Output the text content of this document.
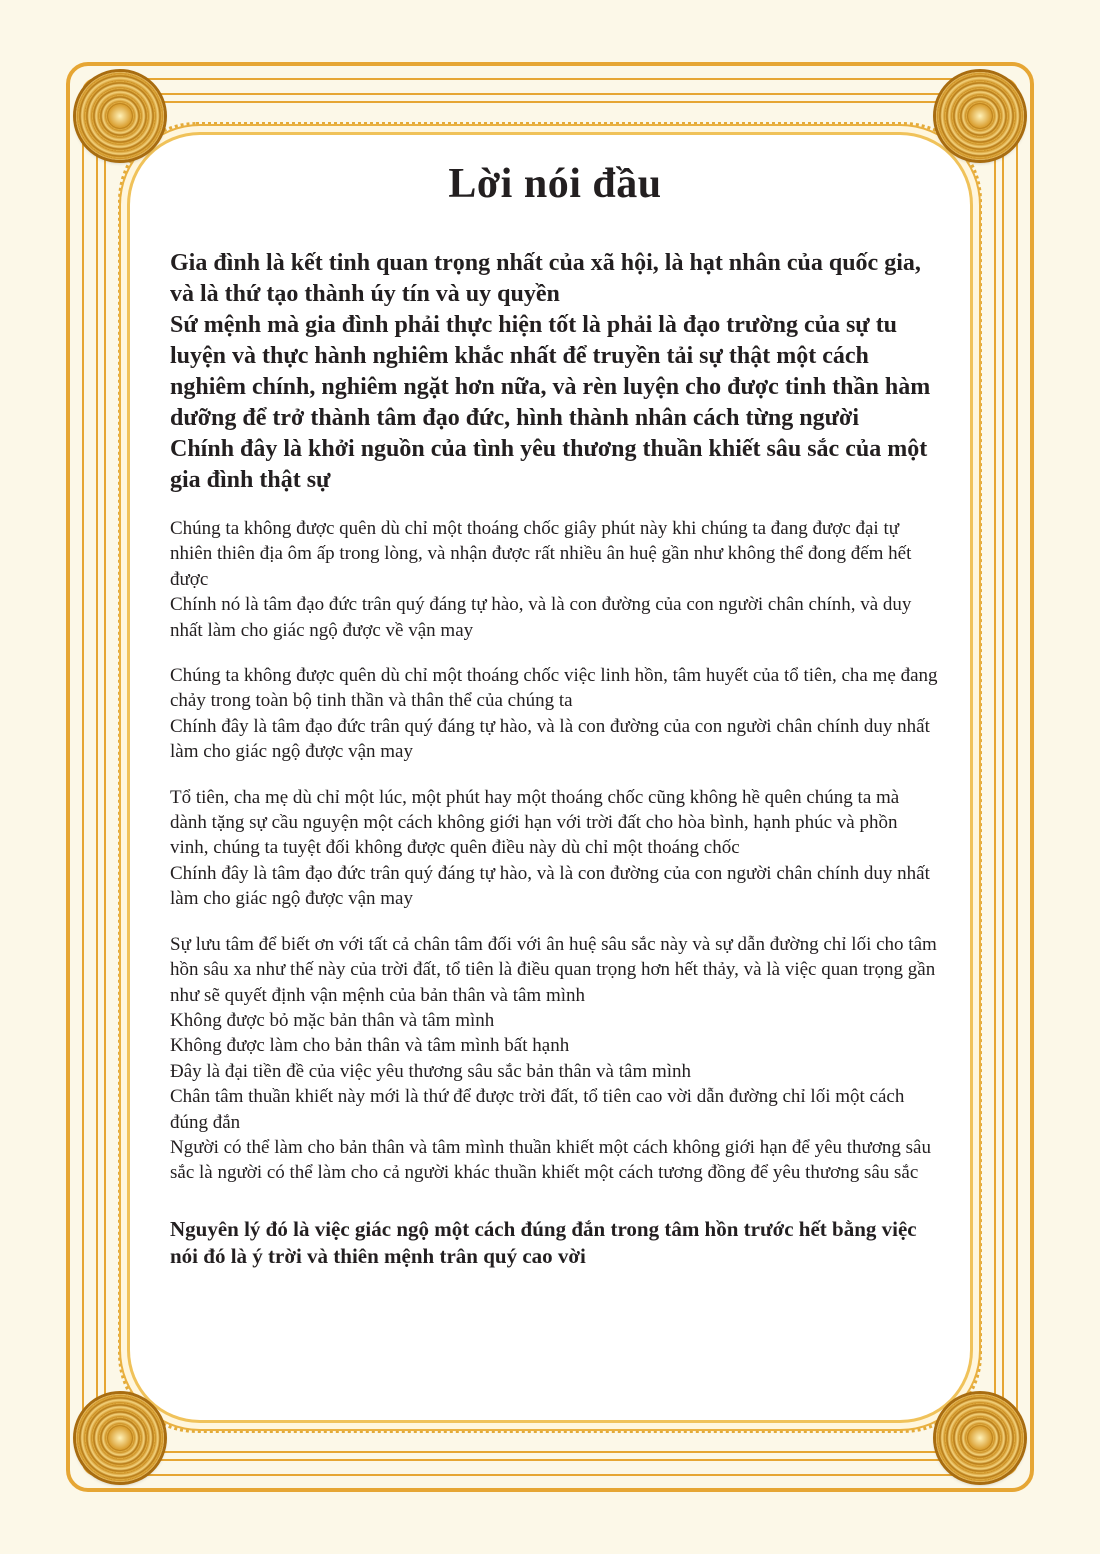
Lời nói đầu

Gia đình là kết tinh quan trọng nhất của xã hội, là hạt nhân của quốc gia, và là thứ tạo thành úy tín và uy quyền

Sứ mệnh mà gia đình phải thực hiện tốt là phải là đạo trường của sự tu luyện và thực hành nghiêm khắc nhất để truyền tải sự thật một cách nghiêm chính, nghiêm ngặt hơn nữa, và rèn luyện cho được tinh thần hàm dưỡng để trở thành tâm đạo đức, hình thành nhân cách từng người

Chính đây là khởi nguồn của tình yêu thương thuần khiết sâu sắc của một gia đình thật sự

Chúng ta không được quên dù chỉ một thoáng chốc giây phút này khi chúng ta đang được đại tự nhiên thiên địa ôm ấp trong lòng, và nhận được rất nhiều ân huệ gần như không thể đong đếm hết được

Chính nó là tâm đạo đức trân quý đáng tự hào, và là con đường của con người chân chính, và duy nhất làm cho giác ngộ được về vận may

Chúng ta không được quên dù chỉ một thoáng chốc việc linh hồn, tâm huyết của tổ tiên, cha mẹ đang chảy trong toàn bộ tinh thần và thân thể của chúng ta

Chính đây là tâm đạo đức trân quý đáng tự hào, và là con đường của con người chân chính duy nhất làm cho giác ngộ được vận may

Tổ tiên, cha mẹ dù chỉ một lúc, một phút hay một thoáng chốc cũng không hề quên chúng ta mà dành tặng sự cầu nguyện một cách không giới hạn với trời đất cho hòa bình, hạnh phúc và phồn vinh, chúng ta tuyệt đối không được quên điều này dù chỉ một thoáng chốc

Chính đây là tâm đạo đức trân quý đáng tự hào, và là con đường của con người chân chính duy nhất làm cho giác ngộ được vận may

Sự lưu tâm để biết ơn với tất cả chân tâm đối với ân huệ sâu sắc này và sự dẫn đường chỉ lối cho tâm hồn sâu xa như thế này của trời đất, tổ tiên là điều quan trọng hơn hết thảy, và là việc quan trọng gần như sẽ quyết định vận mệnh của bản thân và tâm mình

Không được bỏ mặc bản thân và tâm mình

Không được làm cho bản thân và tâm mình bất hạnh

Đây là đại tiền đề của việc yêu thương sâu sắc bản thân và tâm mình

Chân tâm thuần khiết này mới là thứ để được trời đất, tổ tiên cao vời dẫn đường chỉ lối một cách đúng đắn

Người có thể làm cho bản thân và tâm mình thuần khiết một cách không giới hạn để yêu thương sâu sắc là người có thể làm cho cả người khác thuần khiết một cách tương đồng để yêu thương sâu sắc

Nguyên lý đó là việc giác ngộ một cách đúng đắn trong tâm hồn trước hết bằng việc nói đó là ý trời và thiên mệnh trân quý cao vời
